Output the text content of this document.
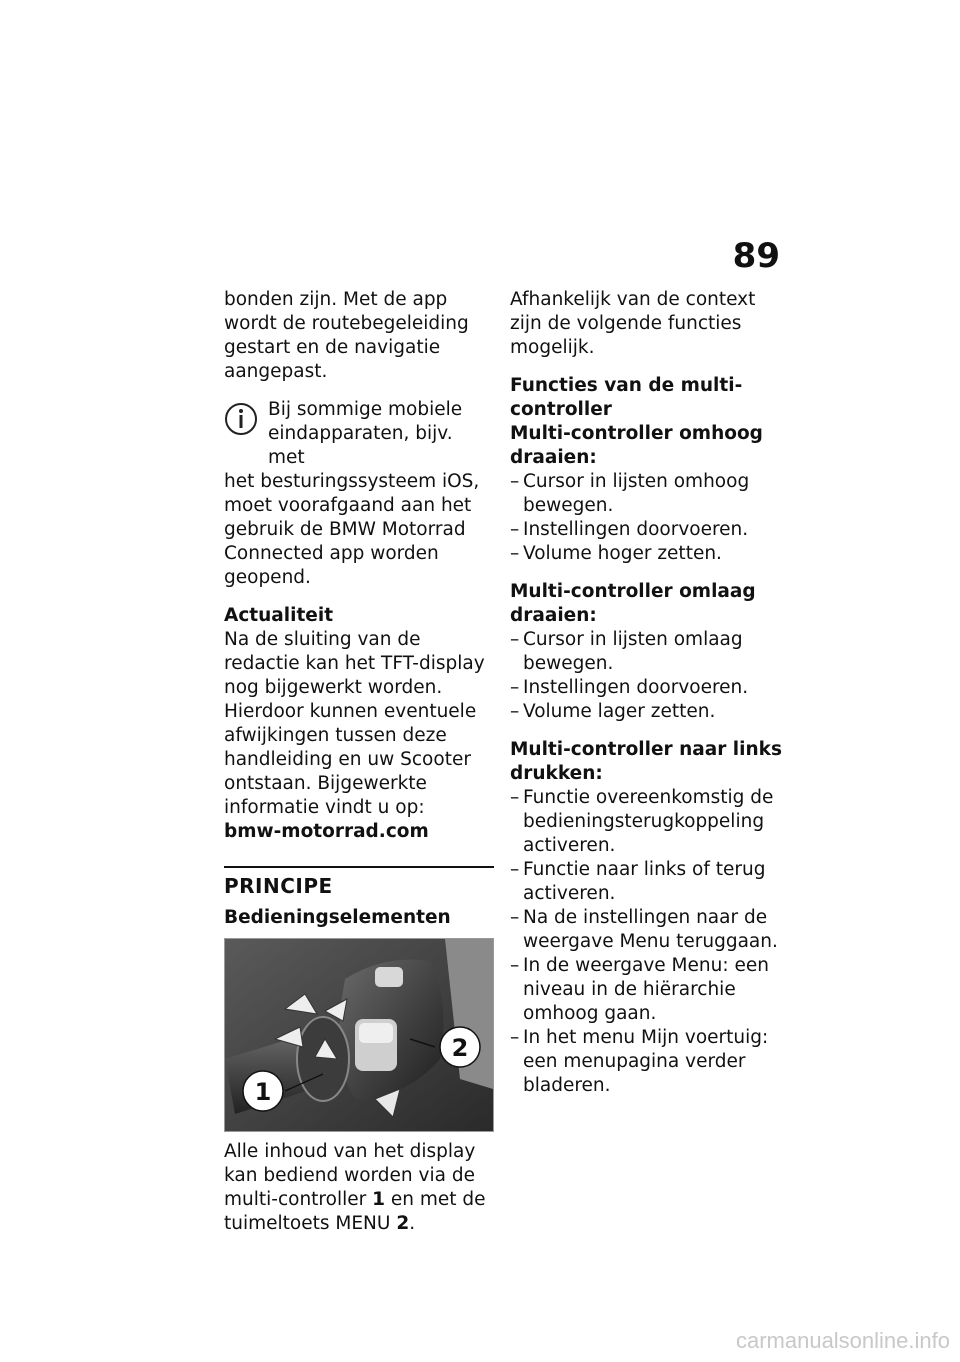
89

bonden zijn. Met de app wordt de routebegeleiding gestart en de navigatie aangepast.

Bij sommige mobiele
eindapparaten, bijv. met

het besturingssysteem iOS, moet voorafgaand aan het gebruik de BMW Motorrad Connected app worden geopend.

Actualiteit

Na de sluiting van de redactie kan het TFT-display nog bijgewerkt worden. Hierdoor kunnen eventuele afwijkingen tussen deze handleiding en uw Scooter ontstaan. Bijgewerkte informatie vindt u op:

bmw-motorrad.com

PRINCIPE

Bedieningselementen

1
2

Alle inhoud van het display kan bediend worden via de multi-controller 1 en met de tuimeltoets MENU 2.

Afhankelijk van de context zijn de volgende functies mogelijk.

Functies van de multi-controller

Multi-controller omhoog draaien:

– Cursor in lijsten omhoog bewegen.
– Instellingen doorvoeren.
– Volume hoger zetten.

Multi-controller omlaag draaien:

– Cursor in lijsten omlaag bewegen.
– Instellingen doorvoeren.
– Volume lager zetten.

Multi-controller naar links drukken:

– Functie overeenkomstig de bedieningsterugkoppeling activeren.
– Functie naar links of terug activeren.
– Na de instellingen naar de weergave Menu teruggaan.
– In de weergave Menu: een niveau in de hiërarchie omhoog gaan.
– In het menu Mijn voertuig: een menupagina verder bladeren.
carmanualsonline.info
